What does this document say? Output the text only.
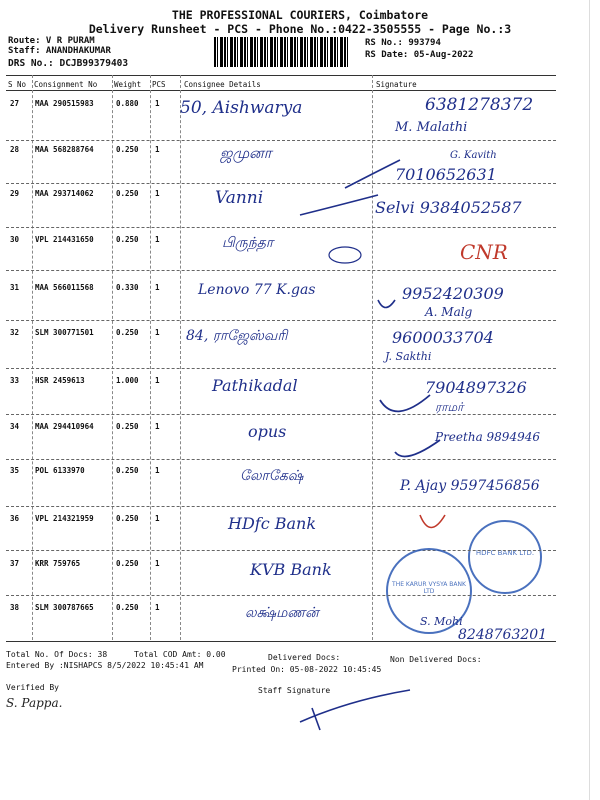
THE PROFESSIONAL COURIERS, Coimbatore
Delivery Runsheet - PCS - Phone No.:0422-3505555 - Page No.:3
Route: V R PURAM
Staff: ANANDHAKUMAR
RS No.: 993794
RS Date: 05-Aug-2022
DRS No.: DCJB99379403
S No Consignment No Weight PCS Consignee Details	Signature
27 MAA 290515983	0.880 1 50, Aishwarya	6381278372
M. Malathi
28 MAA 568288764	0.250 1	ஜமுனா	G. Kavith
7010652631
29 MAA 293714062	0.250 1	Vanni	Selvi 9384052587
30 VPL 214431650	0.250 1	பிருந்தா	CNR
31 MAA 566011568	0.330 1	Lenovo 77 K.gas	9952420309
A. Malg
32 SLM 300771501	0.250 1 84, ராஜேஸ்வரி	9600033704
J. Sakthi
33 HSR 2459613	1.000 1	Pathikadal	7904897326
ராமர்
34 MAA 294410964	0.250 1	opus	Preetha 9894946
35 POL 6133970	0.250 1	லோகேஷ்
P. Ajay 9597456856
36 VPL 214321959	0.250 1	HDfc Bank
HDFC BANK LTD.
37 KRR 759765	0.250 1	KVB Bank
THE KARUR VYSYA BANK LTD
38 SLM 300787665	0.250 1	லக்ஷ்மணன்
S. Mohi
8248763201
Total No. Of Docs: 38	Total COD Amt: 0.00	Delivered Docs:	Non Delivered Docs:
Entered By :NISHAPCS 8/5/2022 10:45:41 AM	Printed On: 05-08-2022 10:45:45
Verified By
S. Pappa.
Staff Signature
